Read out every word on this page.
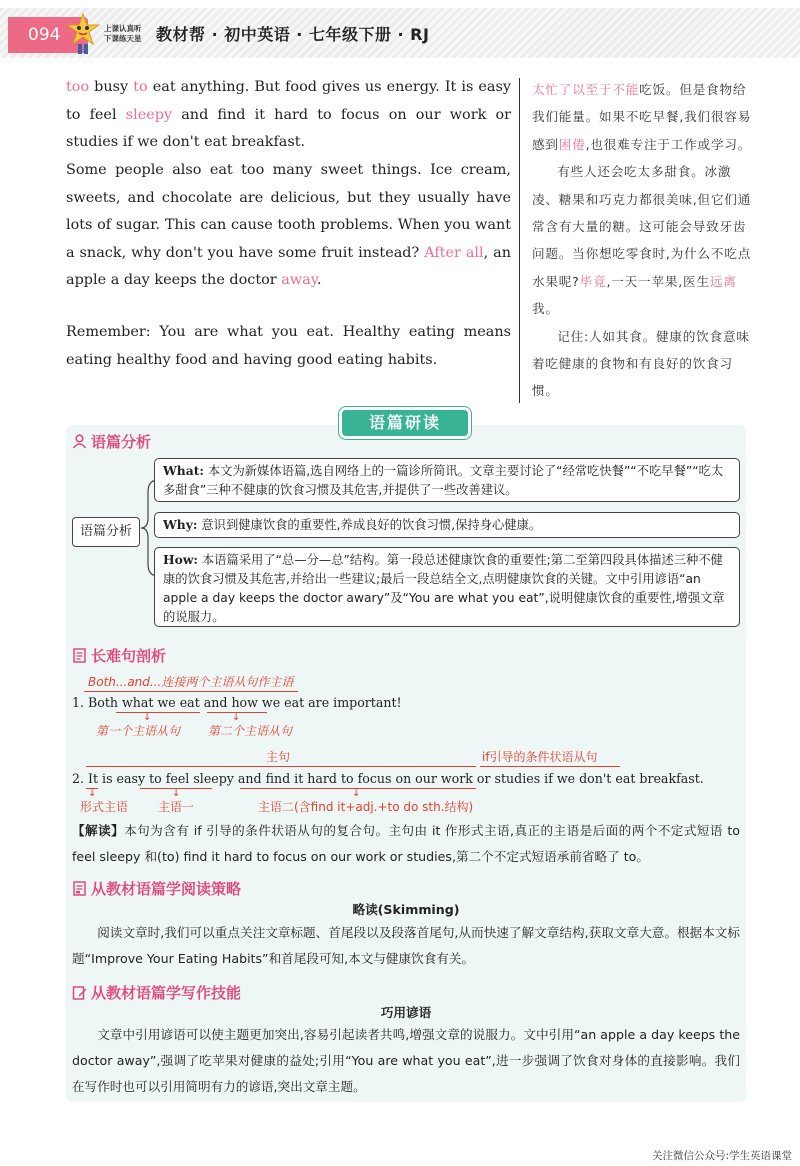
094	上课认真听
下课练天星 教材帮 · 初中英语 · 七年级下册 · RJ
too busy to eat anything. But food gives us energy. It is easy to feel sleepy and find it hard to focus on our work or studies if we don't eat breakfast.
Some people also eat too many sweet things. Ice cream, sweets, and chocolate are delicious, but they usually have lots of sugar. This can cause tooth problems. When you want a snack, why don't you have some fruit instead? After all, an apple a day keeps the doctor away.
Remember: You are what you eat. Healthy eating means eating healthy food and having good eating habits.

太忙了以至于不能吃饭。但是食物给我们能量。如果不吃早餐,我们很容易感到困倦,也很难专注于工作或学习。

有些人还会吃太多甜食。冰激凌、糖果和巧克力都很美味,但它们通常含有大量的糖。这可能会导致牙齿问题。当你想吃零食时,为什么不吃点水果呢?毕竟,一天一苹果,医生远离我。

记住:人如其食。健康的饮食意味着吃健康的食物和有良好的饮食习惯。

语篇研读
语篇分析
语篇分析
What: 本文为新媒体语篇,选自网络上的一篇诊所简讯。文章主要讨论了“经常吃快餐”“不吃早餐”“吃太多甜食”三种不健康的饮食习惯及其危害,并提供了一些改善建议。
Why: 意识到健康饮食的重要性,养成良好的饮食习惯,保持身心健康。
How: 本语篇采用了“总—分—总”结构。第一段总述健康饮食的重要性;第二至第四段具体描述三种不健康的饮食习惯及其危害,并给出一些建议;最后一段总结全文,点明健康饮食的关键。文中引用谚语“an apple a day keeps the doctor awary”及“You are what you eat”,说明健康饮食的重要性,增强文章的说服力。
长难句剖析
Both...and...连接两个主语从句作主语
1. Both what we eat and how we eat are important!
↓	↓
第一个主语从句 第二个主语从句
主句	if引导的条件状语从句
2. It is easy to feel sleepy and find it hard to focus on our work or studies if we don't eat breakfast.
↓	↓	↓
形式主语 主语一	主语二(含find it+adj.+to do sth.结构)
【解读】本句为含有 if 引导的条件状语从句的复合句。主句由 it 作形式主语,真正的主语是后面的两个不定式短语 to feel sleepy 和(to) find it hard to focus on our work or studies,第二个不定式短语承前省略了 to。
从教材语篇学阅读策略
略读(Skimming)
阅读文章时,我们可以重点关注文章标题、首尾段以及段落首尾句,从而快速了解文章结构,获取文章大意。根据本文标题“Improve Your Eating Habits”和首尾段可知,本文与健康饮食有关。
从教材语篇学写作技能
巧用谚语
文章中引用谚语可以使主题更加突出,容易引起读者共鸣,增强文章的说服力。文中引用“an apple a day keeps the doctor away”,强调了吃苹果对健康的益处;引用“You are what you eat”,进一步强调了饮食对身体的直接影响。我们在写作时也可以引用简明有力的谚语,突出文章主题。
关注微信公众号:学生英语课堂
